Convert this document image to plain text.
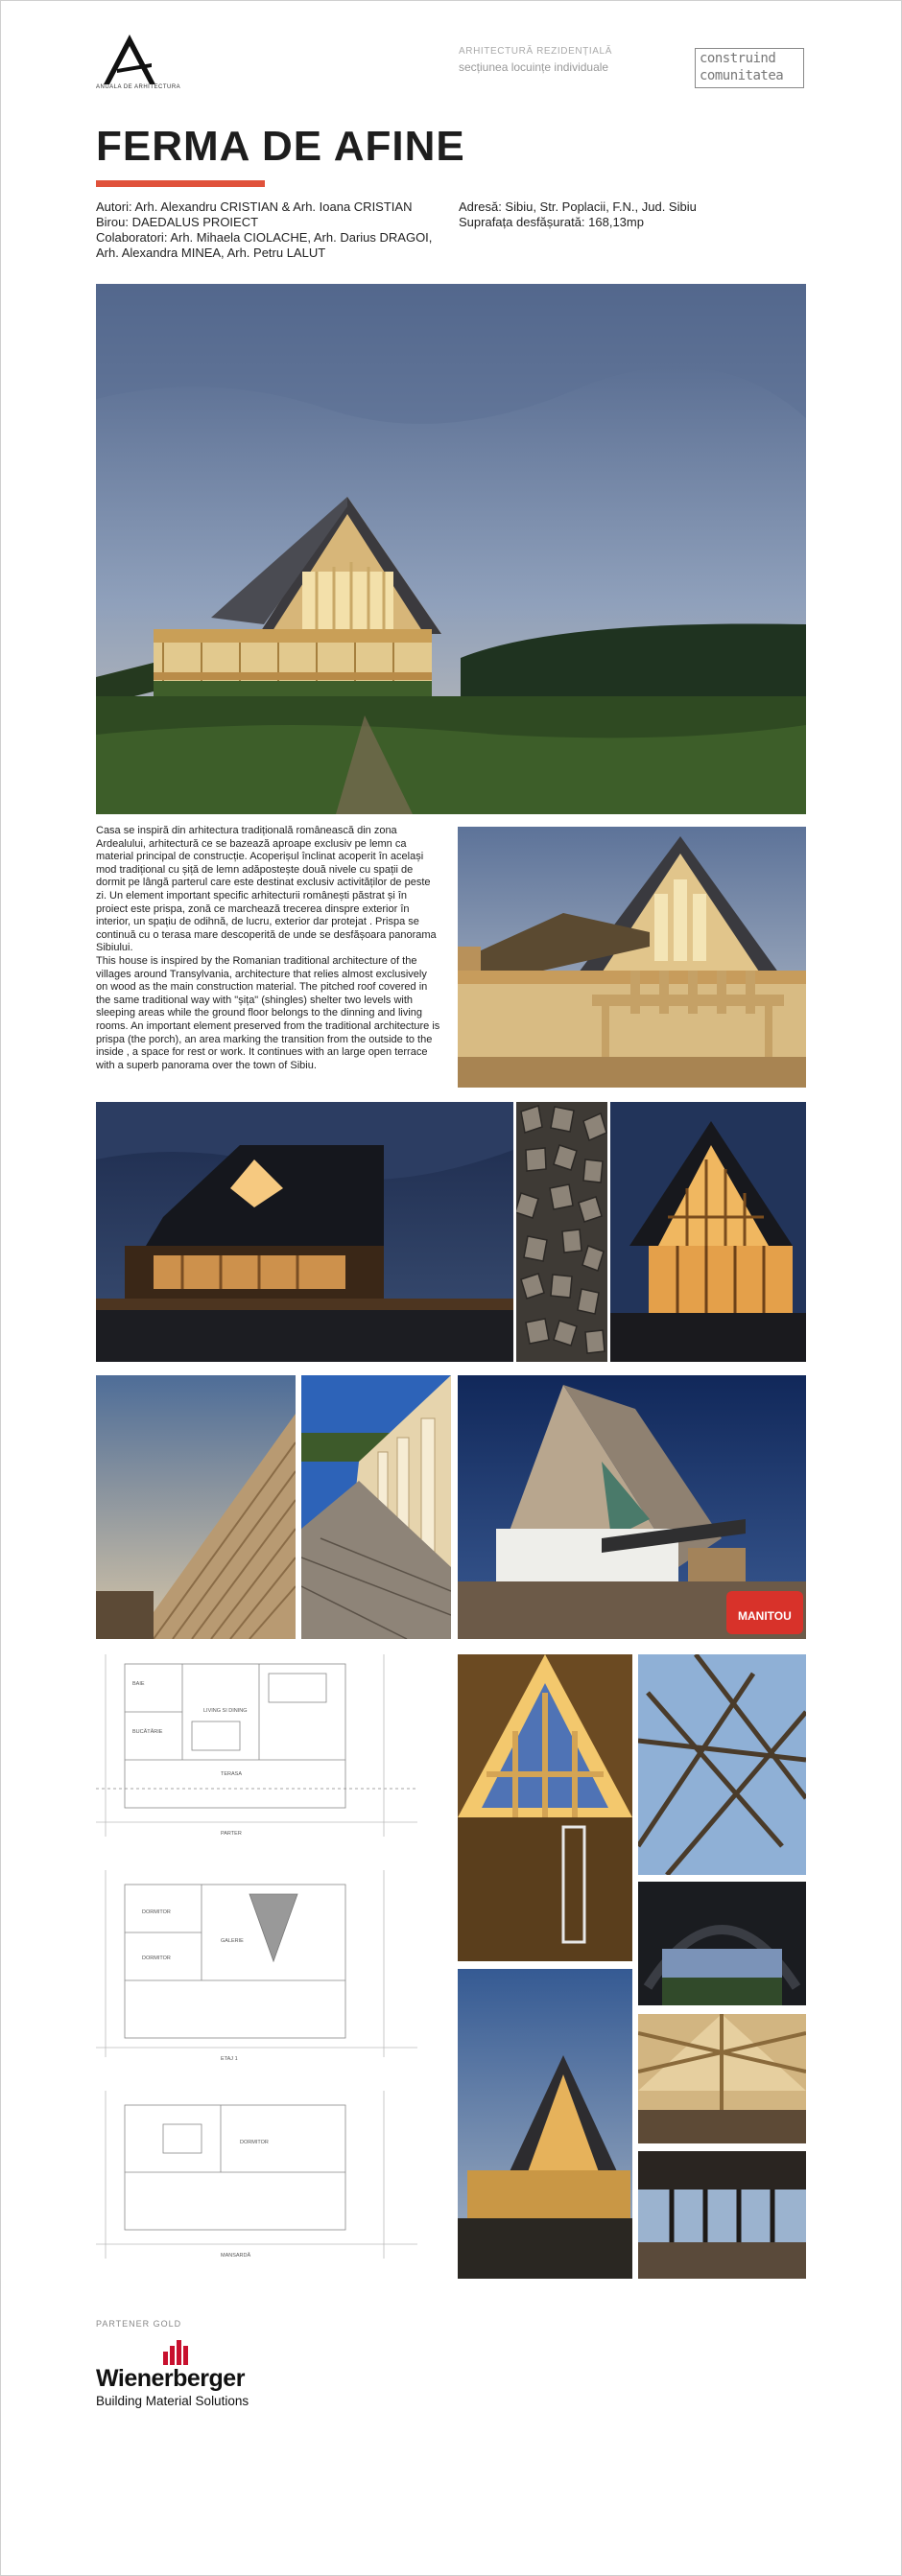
ANUALA DE ARHITECTURA
ARHITECTURĂ REZIDENȚIALĂ
secțiunea locuințe individuale
construind
comunitatea
FERMA DE AFINE
Autori: Arh. Alexandru CRISTIAN & Arh. Ioana CRISTIAN
Birou: DAEDALUS PROIECT
Colaboratori: Arh. Mihaela CIOLACHE, Arh. Darius DRAGOI, Arh. Alexandra MINEA, Arh. Petru LALUT
Adresă: Sibiu, Str. Poplacii, F.N., Jud. Sibiu
Suprafața desfășurată: 168,13mp

Casa se inspiră din arhitectura tradițională românească din zona Ardealului, arhitectură ce se bazează aproape exclusiv pe lemn ca material principal de construcție. Acoperișul înclinat acoperit în același mod tradițional cu șiță de lemn adăpostește două nivele cu spații de dormit pe lângă parterul care este destinat exclusiv activităților de peste zi. Un element important specific arhitecturii românești păstrat și în proiect este prispa, zonă ce marchează trecerea dinspre exterior în interior, un spațiu de odihnă, de lucru, exterior dar protejat . Prispa se continuă cu o terasa mare descoperită de unde se desfășoara panorama Sibiului.

This house is inspired by the Romanian traditional architecture of the villages around Transylvania, architecture that relies almost exclusively on wood as the main construction material. The pitched roof covered in the same traditional way with "șița" (shingles) shelter two levels with sleeping areas while the ground floor belongs to the dinning and living rooms. An important element preserved from the traditional architecture is prispa (the porch), an area marking the transition from the outside to the inside , a space for rest or work. It continues with an large open terrace with a superb panorama over the town of Sibiu.

MANITOU
BAIE
BUCĂTĂRIE
LIVING SI DINING
TERASA
PARTER
DORMITOR
DORMITOR
GALERIE
ETAJ 1
DORMITOR
MANSARDĂ
PARTENER GOLD
Wienerberger
Building Material Solutions
